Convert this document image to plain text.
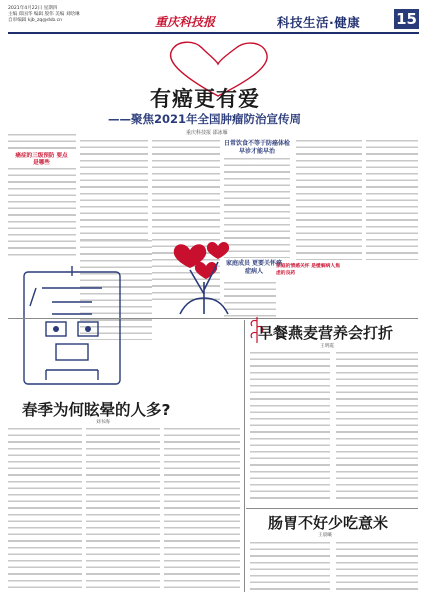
2021年4月22日 星期四
主编 郑国华 编辑 殷伟 美编 刘晗琳
自审编辑 kjb_zq@dsb.cn	重庆科技报	科技生活·健康 15
有癌更有爱
——聚焦2021年全国肿瘤防治宣传周
重庆科技报 邵冰雁
癌症的三级预防 要点是哪些
日常饮食不等于防癌体检 早诊才能早治
家庭成员 更要关怀癌症病人
家庭的情感关怀 是缓解病人焦虑的良药
早餐燕麦营养会打折
王明霞
春季为何眩晕的人多?
刘书海
肠胃不好少吃意米
王晨曦
